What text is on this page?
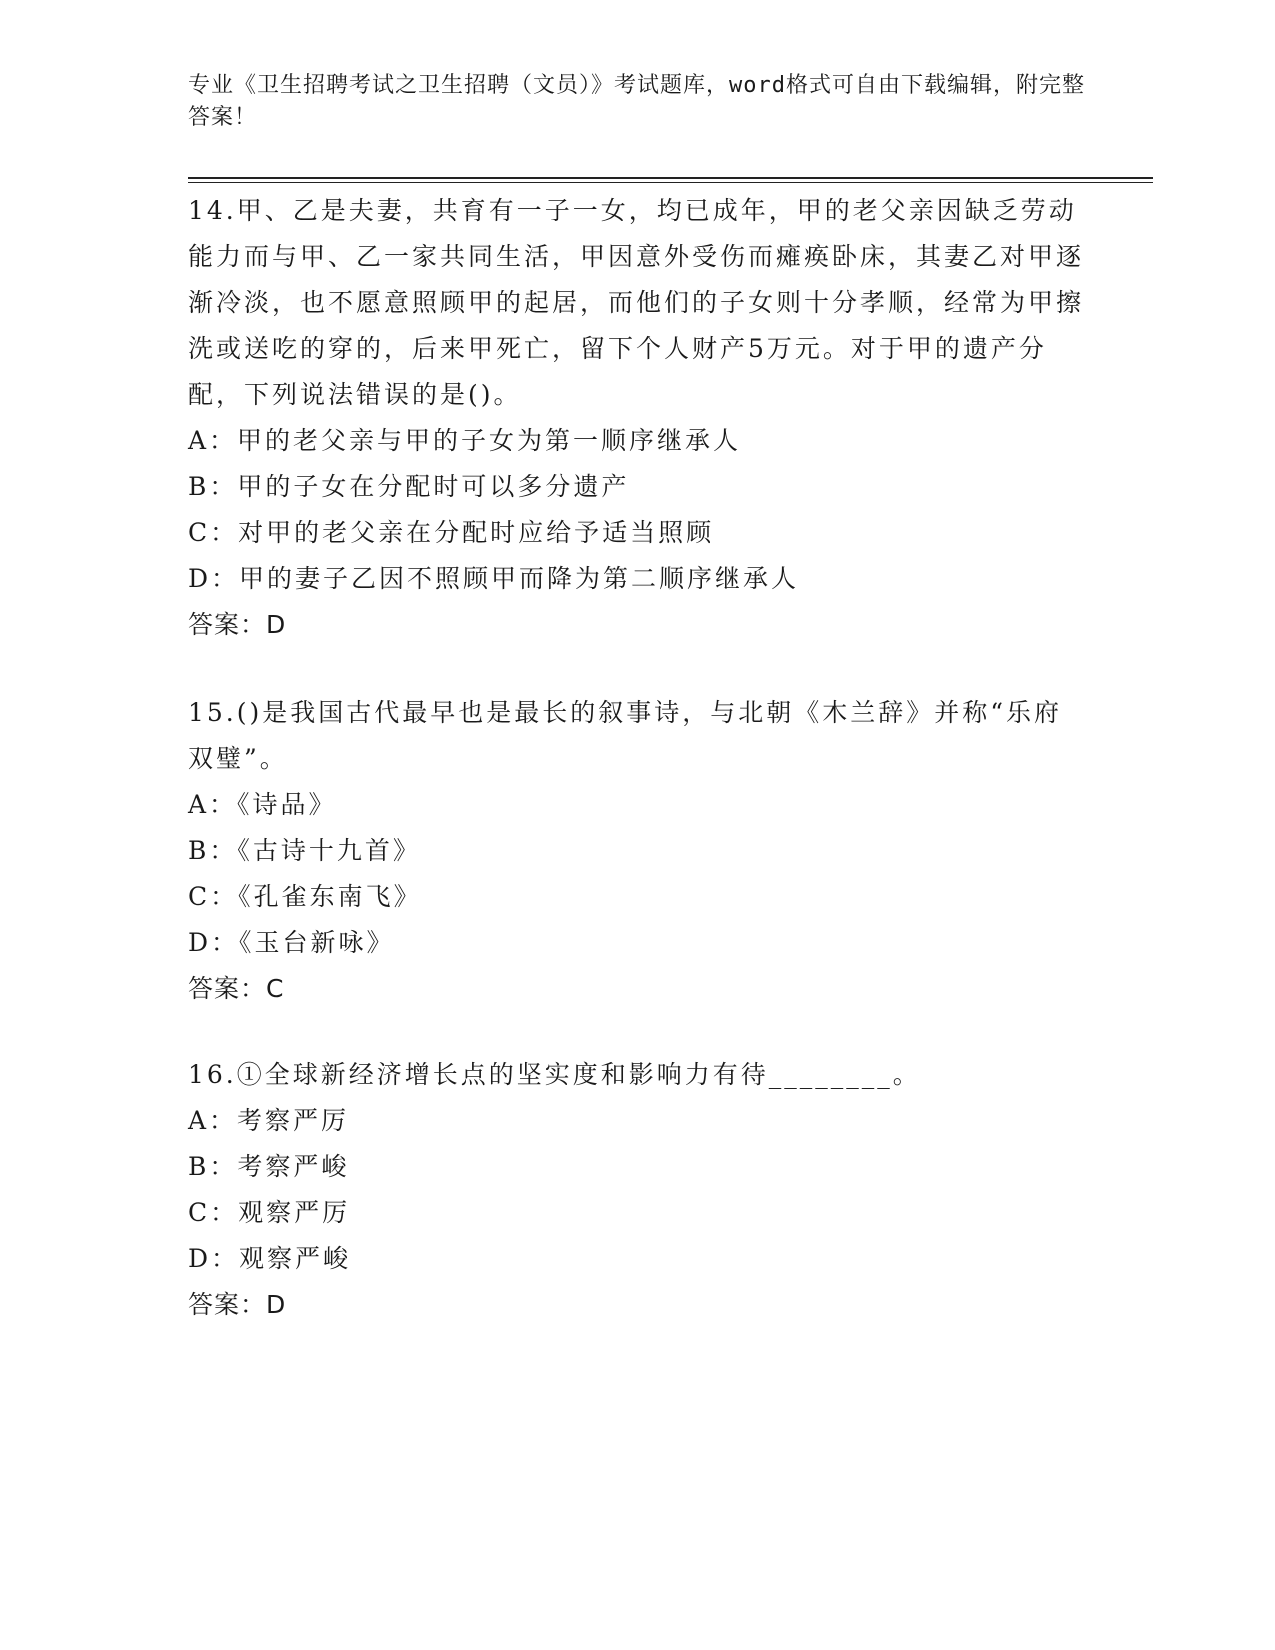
专业《卫生招聘考试之卫生招聘（文员）》考试题库，word格式可自由下载编辑，附完整答案！

14.甲、乙是夫妻，共育有一子一女，均已成年，甲的老父亲因缺乏劳动能力而与甲、乙一家共同生活，甲因意外受伤而瘫痪卧床，其妻乙对甲逐渐冷淡，也不愿意照顾甲的起居，而他们的子女则十分孝顺，经常为甲擦洗或送吃的穿的，后来甲死亡，留下个人财产5万元。对于甲的遗产分配，下列说法错误的是()。

A：甲的老父亲与甲的子女为第一顺序继承人

B：甲的子女在分配时可以多分遗产

C：对甲的老父亲在分配时应给予适当照顾

D：甲的妻子乙因不照顾甲而降为第二顺序继承人

答案：D

15.()是我国古代最早也是最长的叙事诗，与北朝《木兰辞》并称“乐府双璧”。

A：《诗品》

B：《古诗十九首》

C：《孔雀东南飞》

D：《玉台新咏》

答案：C

16.①全球新经济增长点的坚实度和影响力有待________。

A：考察严厉

B：考察严峻

C：观察严厉

D：观察严峻

答案：D
